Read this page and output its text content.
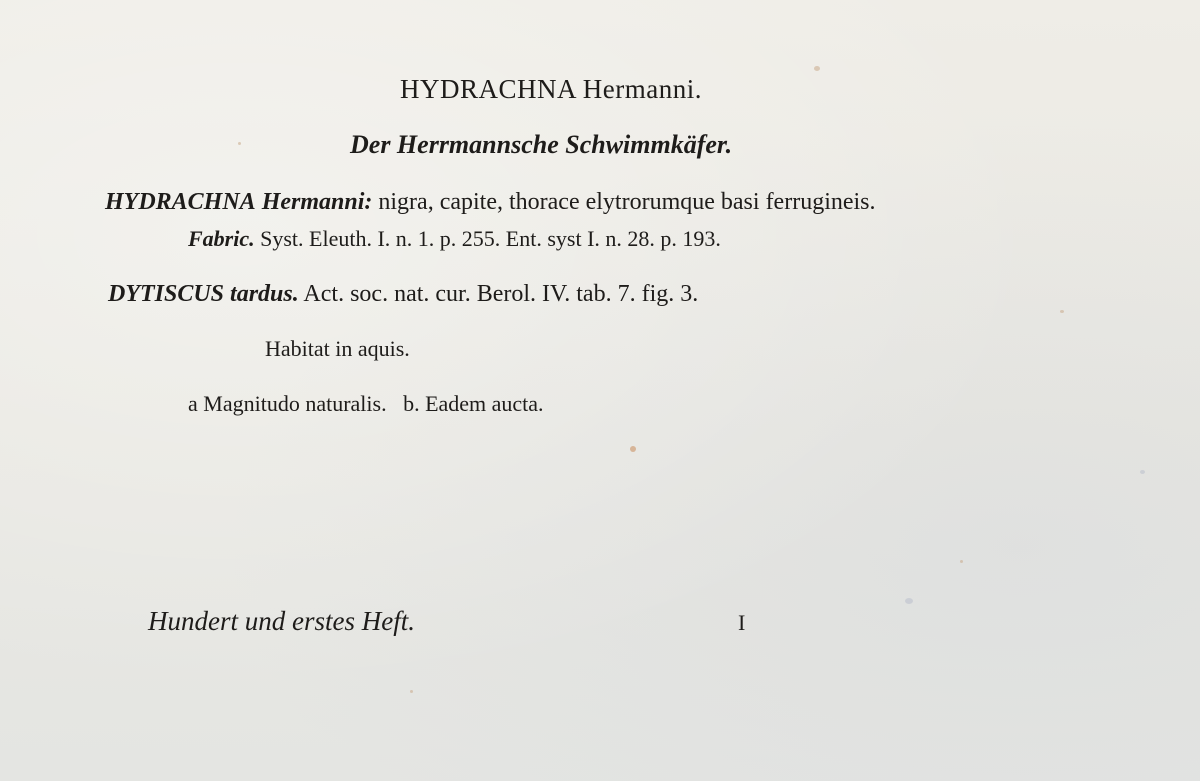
HYDRACHNA Hermanni.
Der Herrmannsche Schwimmkäfer.
HYDRACHNA Hermanni: nigra, capite, thorace elytrorumque basi ferrugineis.
Fabric. Syst. Eleuth. I. n. 1. p. 255. Ent. syst I. n. 28. p. 193.
DYTISCUS tardus. Act. soc. nat. cur. Berol. IV. tab. 7. fig. 3.
Habitat in aquis.
a Magnitudo naturalis.   b. Eadem aucta.
Hundert und erstes Heft.	I
